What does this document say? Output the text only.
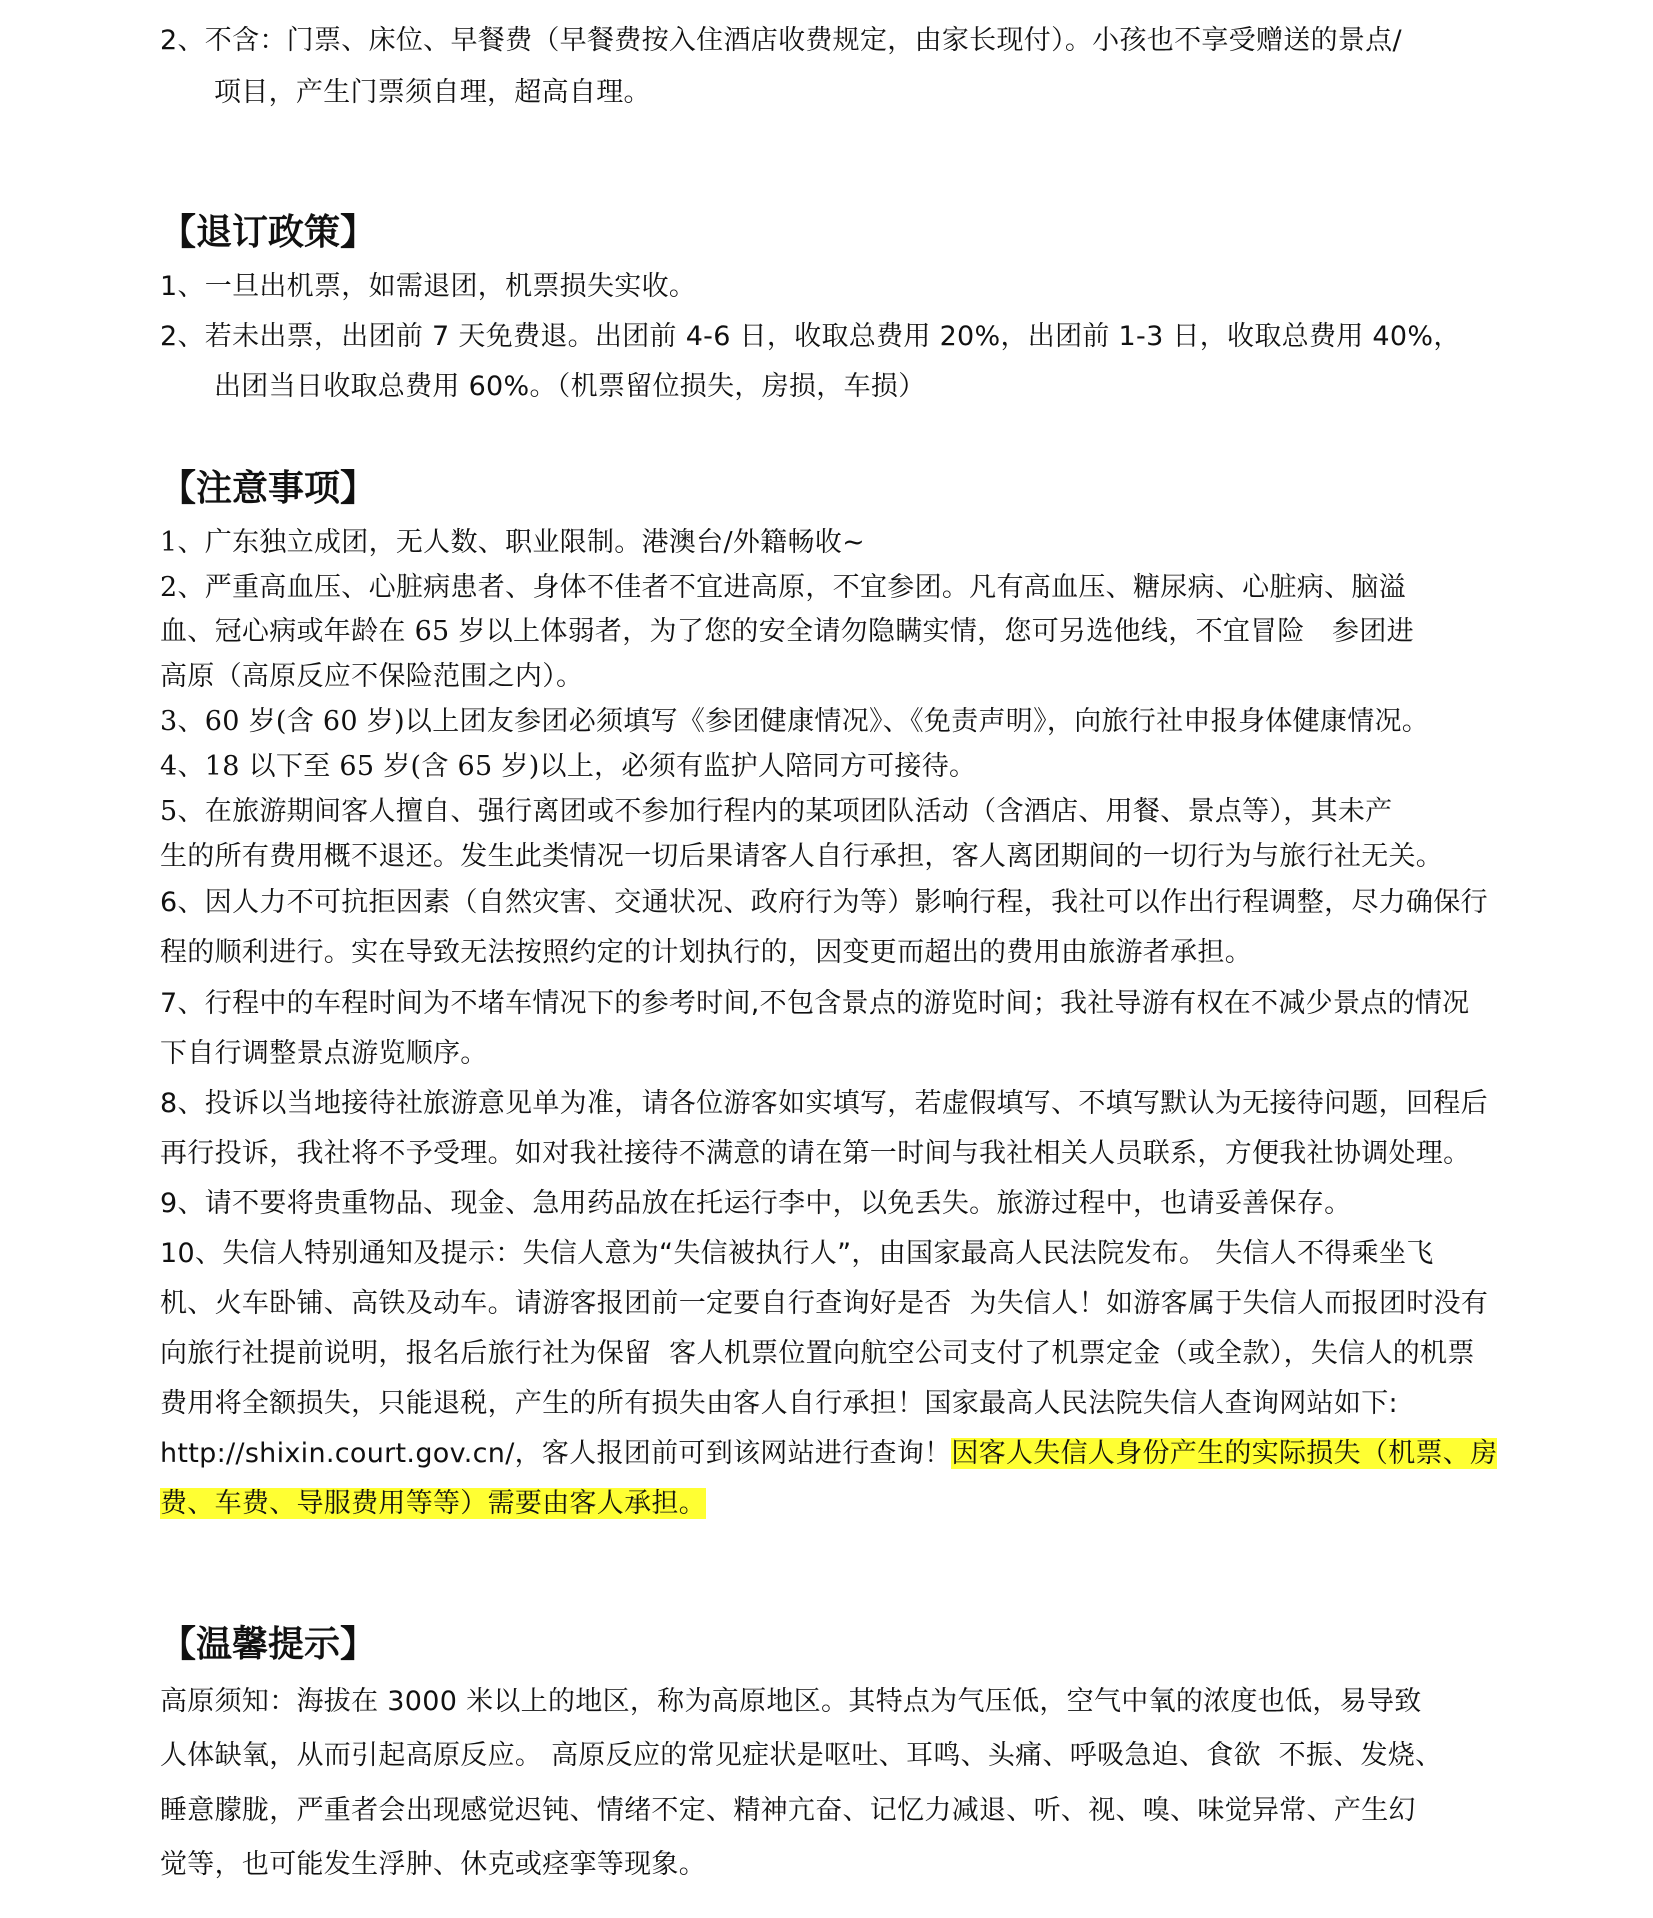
2、不含：门票、床位、早餐费（早餐费按入住酒店收费规定，由家长现付）。小孩也不享受赠送的景点/

项目，产生门票须自理，超高自理。

【退订政策】

1、一旦出机票，如需退团，机票损失实收。

2、若未出票，出团前 7 天免费退。出团前 4-6 日，收取总费用 20%，出团前 1-3 日，收取总费用 40%，

出团当日收取总费用 60%。（机票留位损失，房损，车损）

【注意事项】

1、广东独立成团，无人数、职业限制。港澳台/外籍畅收~

2、严重高血压、心脏病患者、身体不佳者不宜进高原，不宜参团。凡有高血压、糖尿病、心脏病、脑溢

血、冠心病或年龄在 65 岁以上体弱者，为了您的安全请勿隐瞒实情，您可另选他线，不宜冒险　参团进

高原（高原反应不保险范围之内）。

3、60 岁(含 60 岁)以上团友参团必须填写《参团健康情况》、《免责声明》，向旅行社申报身体健康情况。

4、18 以下至 65 岁(含 65 岁)以上，必须有监护人陪同方可接待。

5、在旅游期间客人擅自、强行离团或不参加行程内的某项团队活动（含酒店、用餐、景点等），其未产

生的所有费用概不退还。发生此类情况一切后果请客人自行承担，客人离团期间的一切行为与旅行社无关。

6、因人力不可抗拒因素（自然灾害、交通状况、政府行为等）影响行程，我社可以作出行程调整，尽力确保行

程的顺利进行。实在导致无法按照约定的计划执行的，因变更而超出的费用由旅游者承担。

7、行程中的车程时间为不堵车情况下的参考时间,不包含景点的游览时间；我社导游有权在不减少景点的情况

下自行调整景点游览顺序。

8、投诉以当地接待社旅游意见单为准，请各位游客如实填写，若虚假填写、不填写默认为无接待问题，回程后

再行投诉，我社将不予受理。如对我社接待不满意的请在第一时间与我社相关人员联系，方便我社协调处理。

9、请不要将贵重物品、现金、急用药品放在托运行李中，以免丢失。旅游过程中，也请妥善保存。

10、失信人特别通知及提示：失信人意为“失信被执行人”，由国家最高人民法院发布。 失信人不得乘坐飞

机、火车卧铺、高铁及动车。请游客报团前一定要自行查询好是否  为失信人！如游客属于失信人而报团时没有

向旅行社提前说明，报名后旅行社为保留  客人机票位置向航空公司支付了机票定金（或全款），失信人的机票

费用将全额损失，只能退税，产生的所有损失由客人自行承担！国家最高人民法院失信人查询网站如下:

http://shixin.court.gov.cn/，客人报团前可到该网站进行查询！因客人失信人身份产生的实际损失（机票、房

费、车费、导服费用等等）需要由客人承担。

【温馨提示】

高原须知：海拔在 3000 米以上的地区，称为高原地区。其特点为气压低，空气中氧的浓度也低，易导致

人体缺氧，从而引起高原反应。 高原反应的常见症状是呕吐、耳鸣、头痛、呼吸急迫、食欲  不振、发烧、

睡意朦胧，严重者会出现感觉迟钝、情绪不定、精神亢奋、记忆力减退、听、视、嗅、味觉异常、产生幻

觉等，也可能发生浮肿、休克或痉挛等现象。
